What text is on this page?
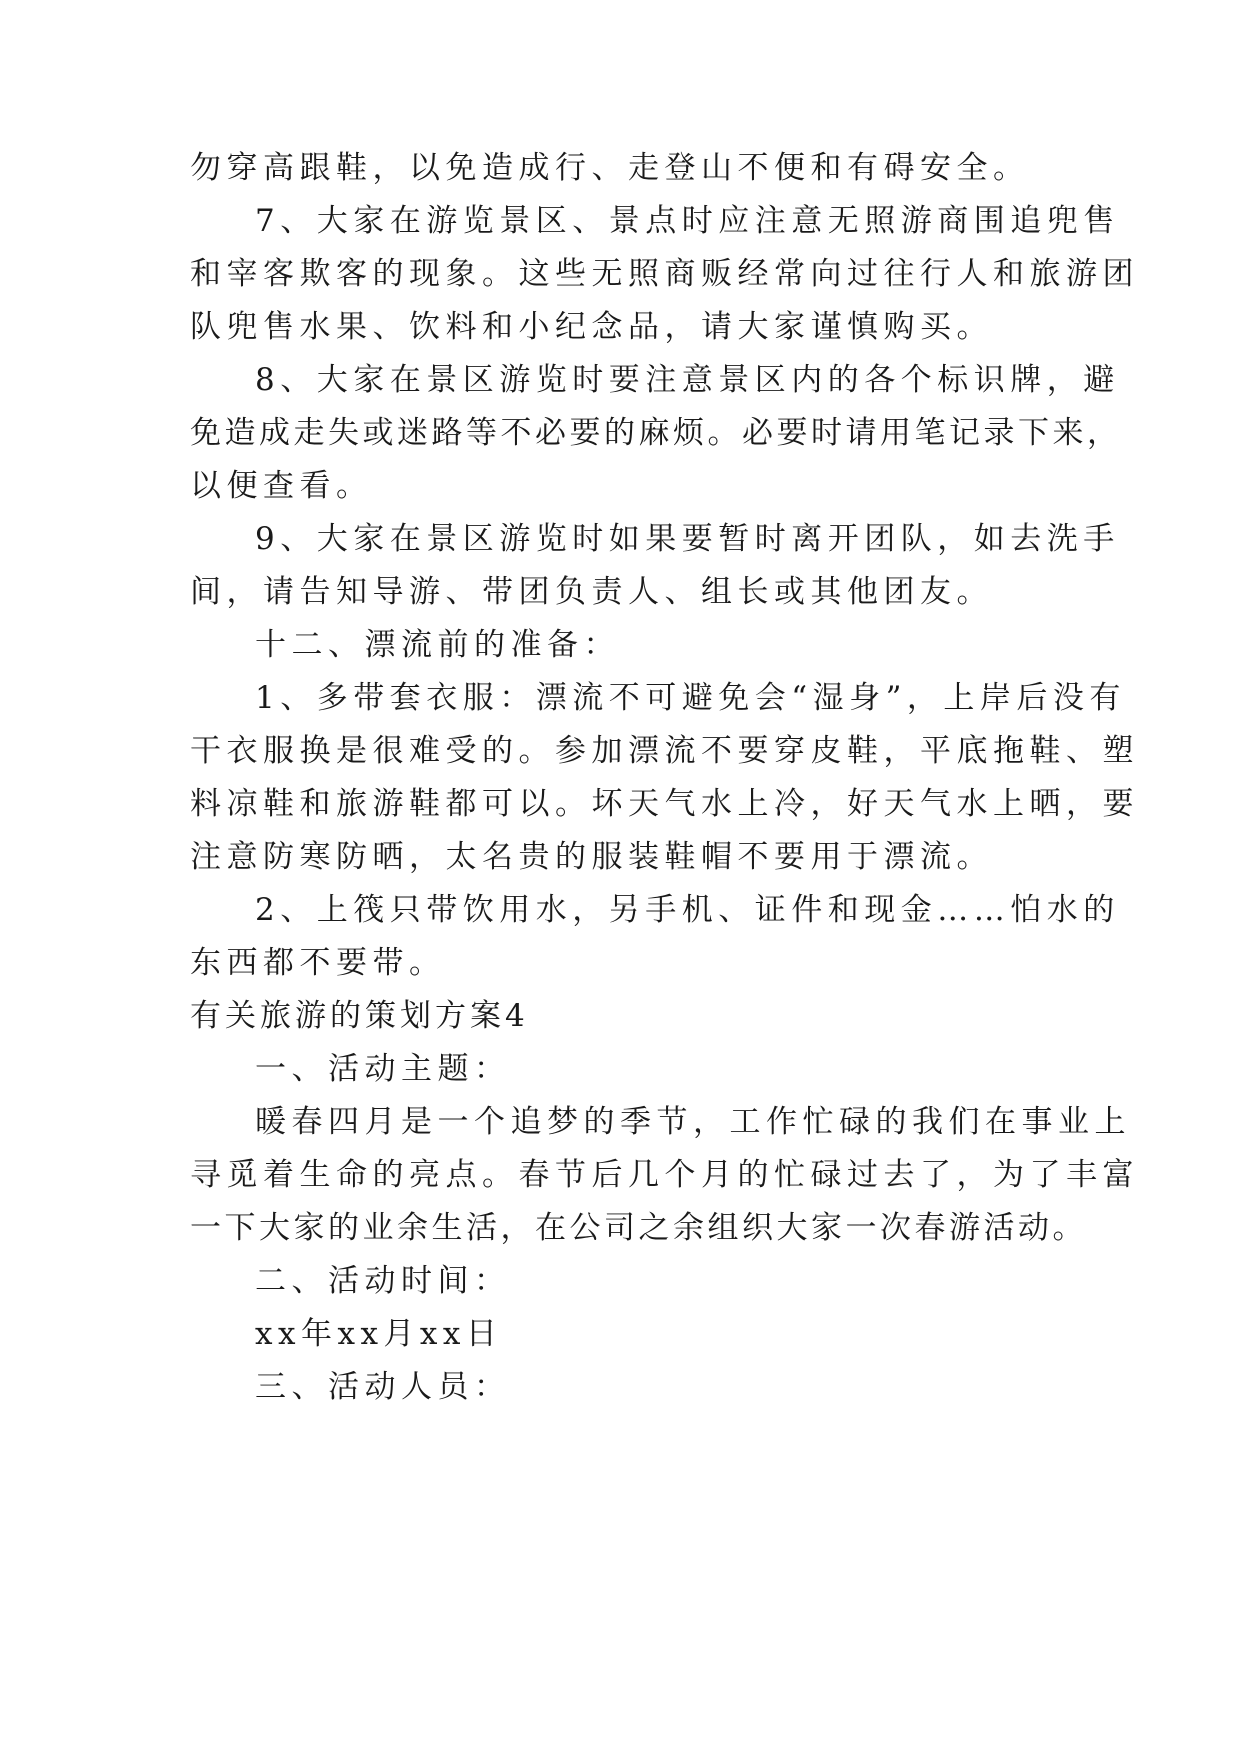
勿穿高跟鞋，以免造成行、走登山不便和有碍安全。
7、大家在游览景区、景点时应注意无照游商围追兜售
和宰客欺客的现象。这些无照商贩经常向过往行人和旅游团
队兜售水果、饮料和小纪念品，请大家谨慎购买。
8、大家在景区游览时要注意景区内的各个标识牌，避
免造成走失或迷路等不必要的麻烦。必要时请用笔记录下来，
以便查看。
9、大家在景区游览时如果要暂时离开团队，如去洗手
间，请告知导游、带团负责人、组长或其他团友。
十二、漂流前的准备：
1、多带套衣服：漂流不可避免会“湿身”，上岸后没有
干衣服换是很难受的。参加漂流不要穿皮鞋，平底拖鞋、塑
料凉鞋和旅游鞋都可以。坏天气水上冷，好天气水上晒，要
注意防寒防晒，太名贵的服装鞋帽不要用于漂流。
2、上筏只带饮用水，另手机、证件和现金……怕水的
东西都不要带。
有关旅游的策划方案4
一、活动主题：
暖春四月是一个追梦的季节，工作忙碌的我们在事业上
寻觅着生命的亮点。春节后几个月的忙碌过去了，为了丰富
一下大家的业余生活，在公司之余组织大家一次春游活动。
二、活动时间：
xx年xx月xx日
三、活动人员：
